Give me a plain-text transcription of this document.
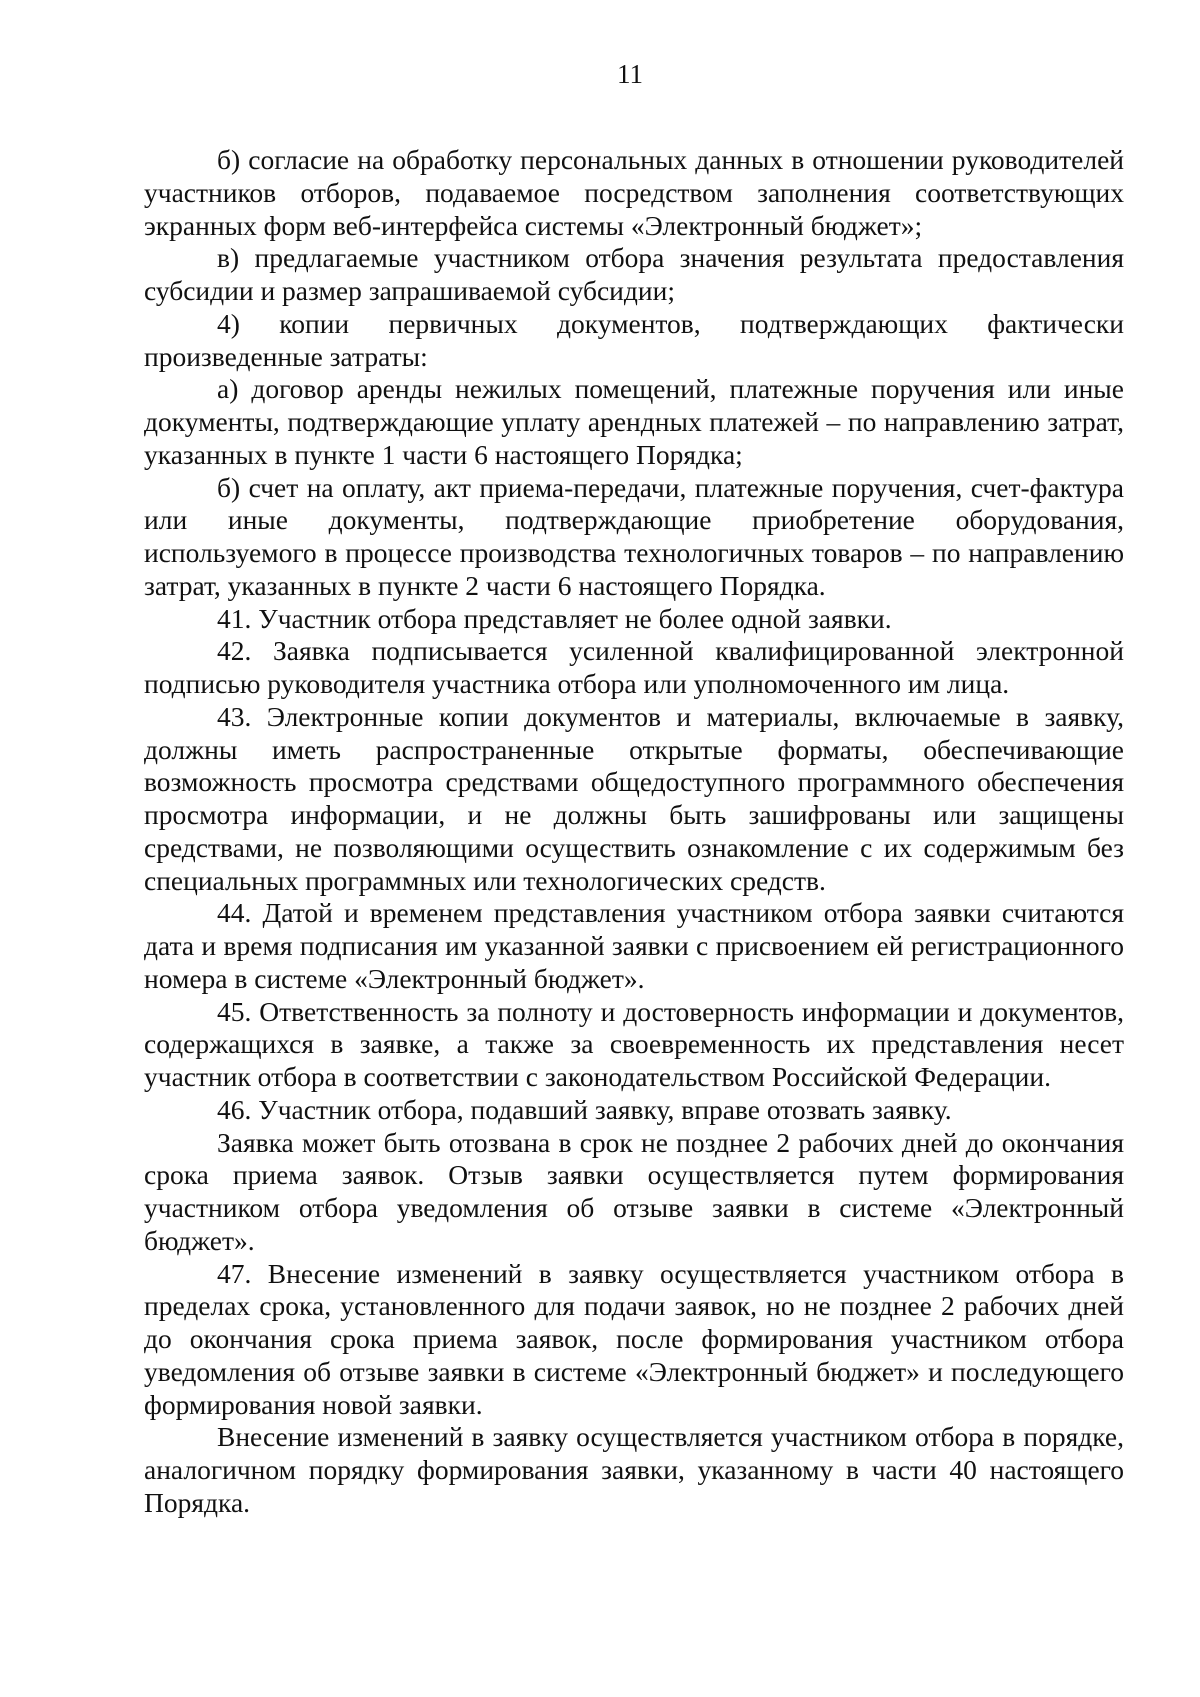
11

б) согласие на обработку персональных данных в отношении руководителей участников отборов, подаваемое посредством заполнения соответствующих экранных форм веб-интерфейса системы «Электронный бюджет»;

в) предлагаемые участником отбора значения результата предоставления субсидии и размер запрашиваемой субсидии;

4) копии первичных документов, подтверждающих фактически произведенные затраты:

а) договор аренды нежилых помещений, платежные поручения или иные документы, подтверждающие уплату арендных платежей – по направлению затрат, указанных в пункте 1 части 6 настоящего Порядка;

б) счет на оплату, акт приема-передачи, платежные поручения, счет-фактура или иные документы, подтверждающие приобретение оборудования, используемого в процессе производства технологичных товаров – по направлению затрат, указанных в пункте 2 части 6 настоящего Порядка.

41. Участник отбора представляет не более одной заявки.

42. Заявка подписывается усиленной квалифицированной электронной подписью руководителя участника отбора или уполномоченного им лица.

43. Электронные копии документов и материалы, включаемые в заявку, должны иметь распространенные открытые форматы, обеспечивающие возможность просмотра средствами общедоступного программного обеспечения просмотра информации, и не должны быть зашифрованы или защищены средствами, не позволяющими осуществить ознакомление с их содержимым без специальных программных или технологических средств.

44. Датой и временем представления участником отбора заявки считаются дата и время подписания им указанной заявки с присвоением ей регистрационного номера в системе «Электронный бюджет».

45. Ответственность за полноту и достоверность информации и документов, содержащихся в заявке, а также за своевременность их представления несет участник отбора в соответствии с законодательством Российской Федерации.

46. Участник отбора, подавший заявку, вправе отозвать заявку.

Заявка может быть отозвана в срок не позднее 2 рабочих дней до окончания срока приема заявок. Отзыв заявки осуществляется путем формирования участником отбора уведомления об отзыве заявки в системе «Электронный бюджет».

47. Внесение изменений в заявку осуществляется участником отбора в пределах срока, установленного для подачи заявок, но не позднее 2 рабочих дней до окончания срока приема заявок, после формирования участником отбора уведомления об отзыве заявки в системе «Электронный бюджет» и последующего формирования новой заявки.

Внесение изменений в заявку осуществляется участником отбора в порядке, аналогичном порядку формирования заявки, указанному в части 40 настоящего Порядка.
